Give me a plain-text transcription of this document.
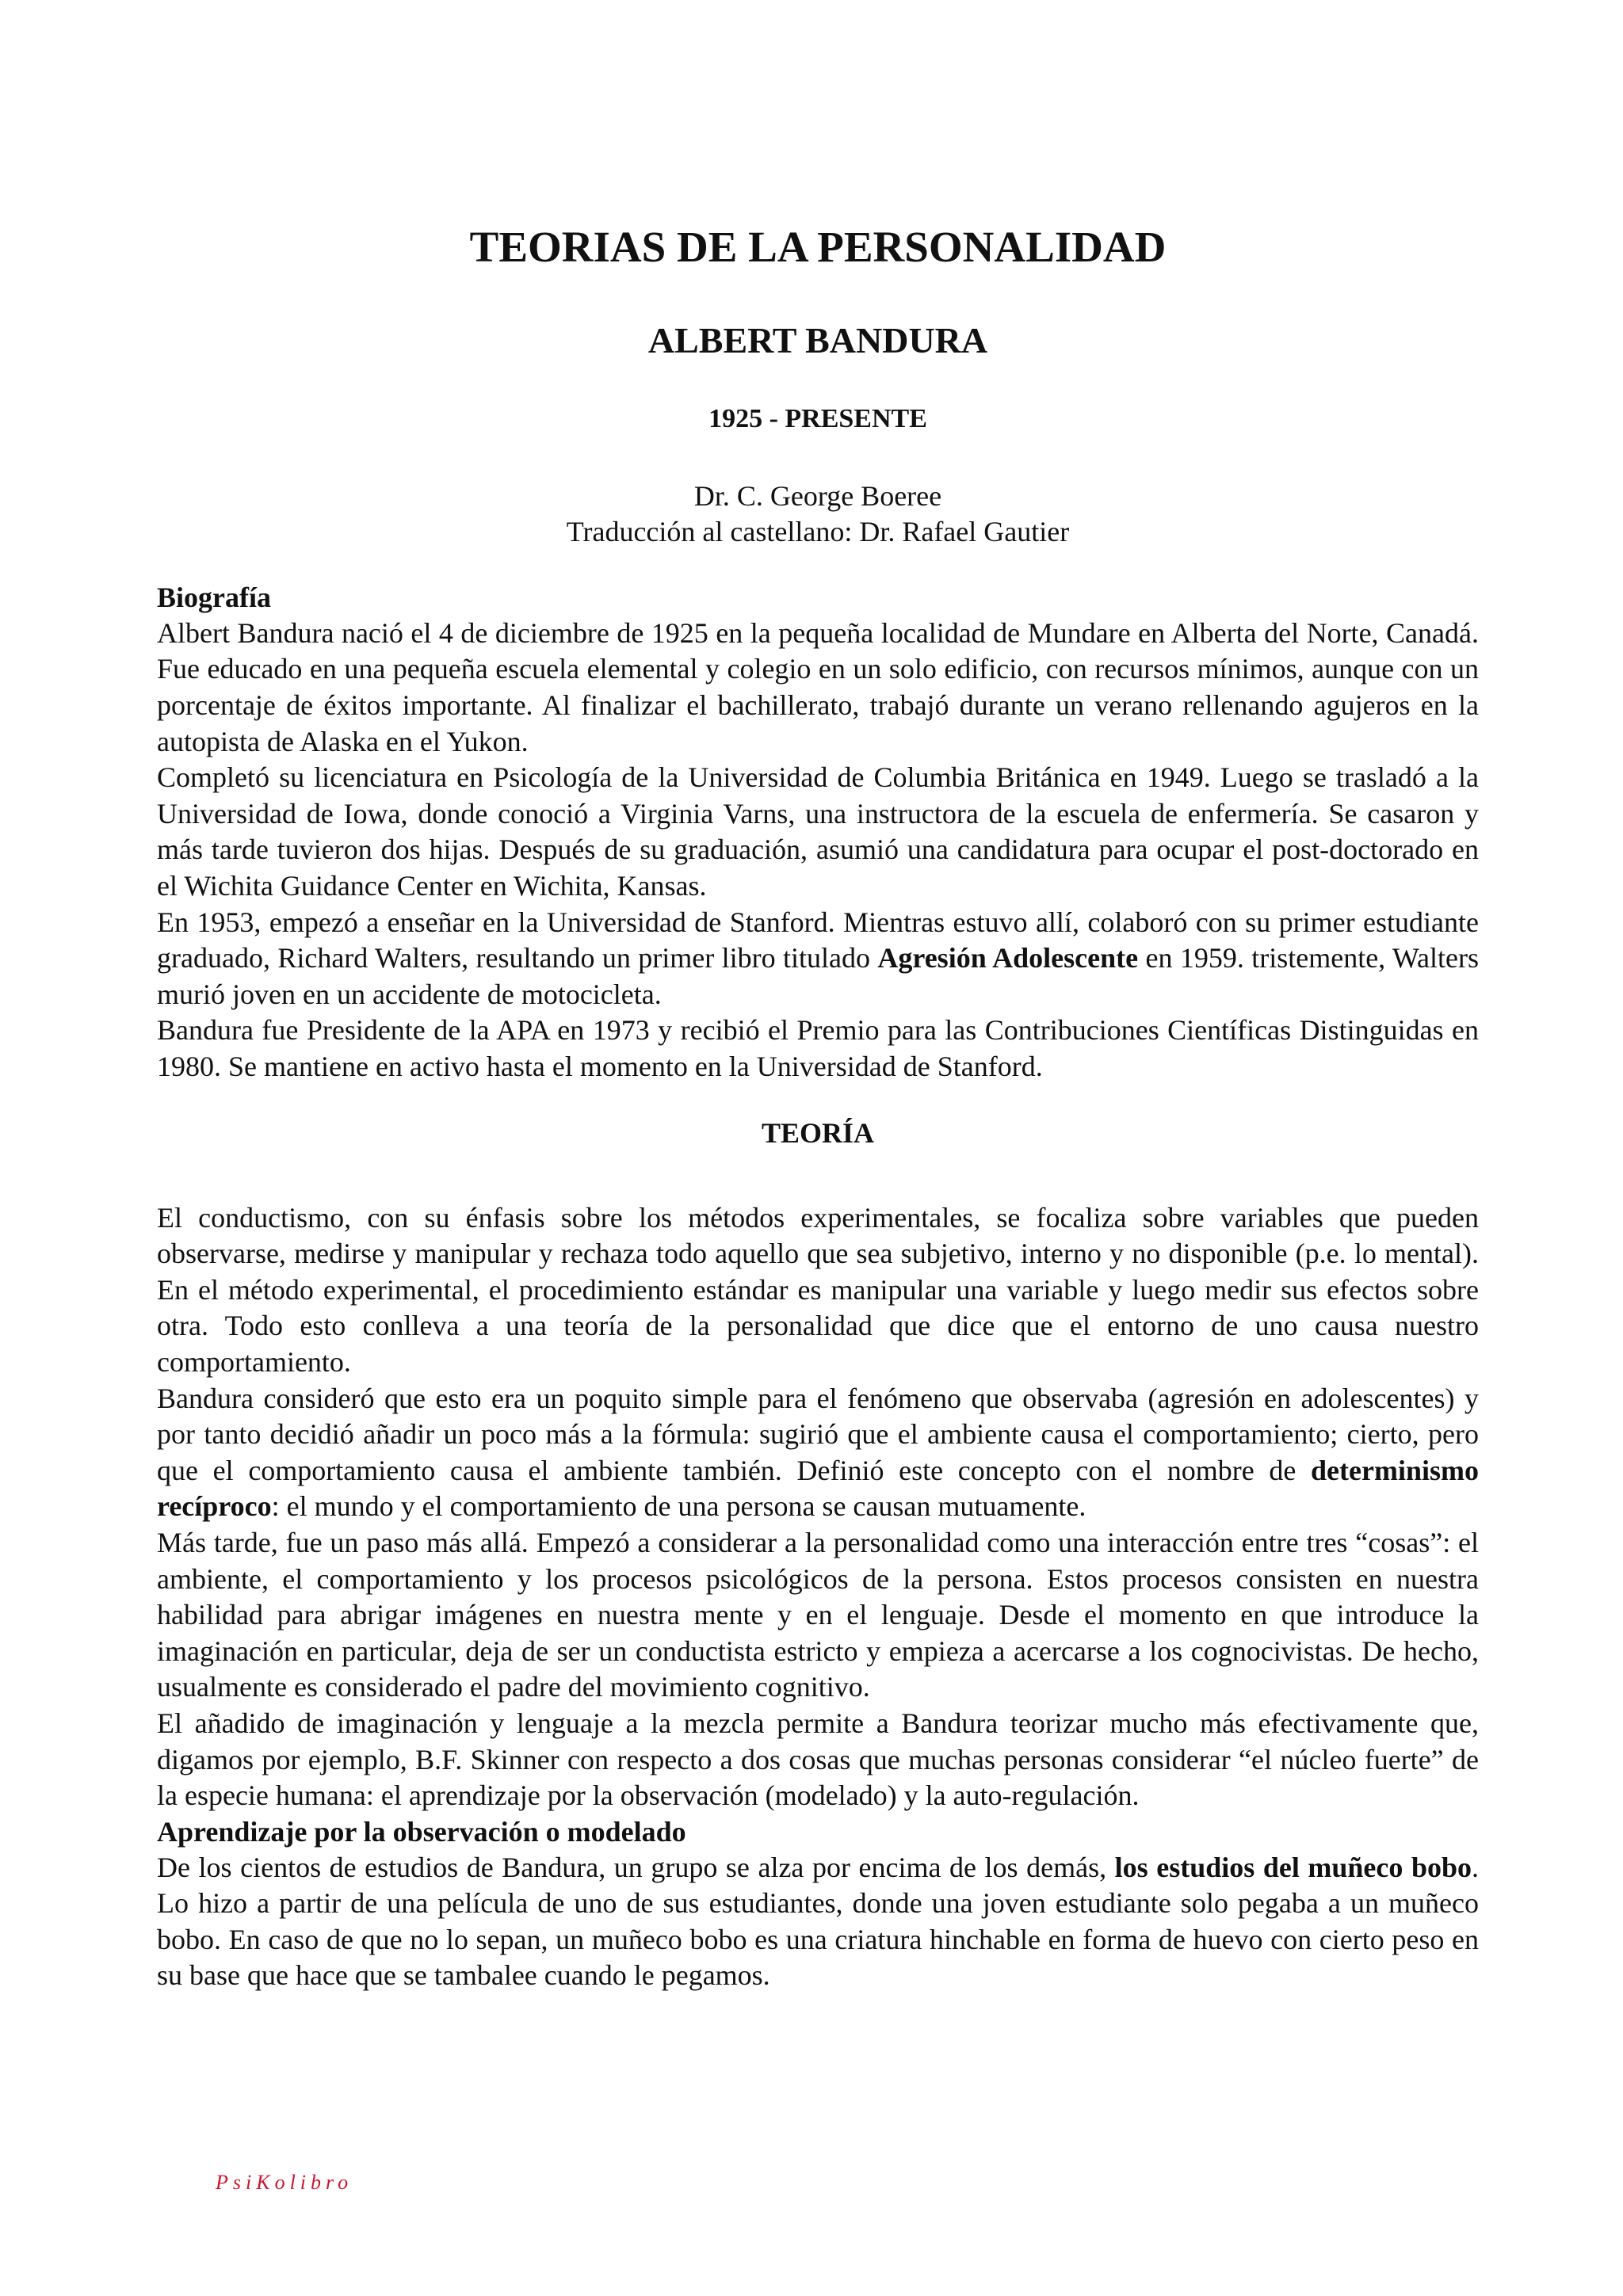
TEORIAS DE LA PERSONALIDAD
ALBERT BANDURA
1925 - PRESENTE

Dr. C. George Boeree

Traducción al castellano: Dr. Rafael Gautier

Biografía

Albert Bandura nació el 4 de diciembre de 1925 en la pequeña localidad de Mundare en Alberta del Norte, Canadá. Fue educado en una pequeña escuela elemental y colegio en un solo edificio, con recursos mínimos, aunque con un porcentaje de éxitos importante. Al finalizar el bachillerato, trabajó durante un verano rellenando agujeros en la autopista de Alaska en el Yukon.

Completó su licenciatura en Psicología de la Universidad de Columbia Británica en 1949. Luego se trasladó a la Universidad de Iowa, donde conoció a Virginia Varns, una instructora de la escuela de enfermería. Se casaron y más tarde tuvieron dos hijas. Después de su graduación, asumió una candidatura para ocupar el post-doctorado en el Wichita Guidance Center en Wichita, Kansas.

En 1953, empezó a enseñar en la Universidad de Stanford. Mientras estuvo allí, colaboró con su primer estudiante graduado, Richard Walters, resultando un primer libro titulado Agresión Adolescente en 1959. tristemente, Walters murió joven en un accidente de motocicleta.

Bandura fue Presidente de la APA en 1973 y recibió el Premio para las Contribuciones Científicas Distinguidas en 1980. Se mantiene en activo hasta el momento en la Universidad de Stanford.

TEORÍA

El conductismo, con su énfasis sobre los métodos experimentales, se focaliza sobre variables que pueden observarse, medirse y manipular y rechaza todo aquello que sea subjetivo, interno y no disponible (p.e. lo mental). En el método experimental, el procedimiento estándar es manipular una variable y luego medir sus efectos sobre otra. Todo esto conlleva a una teoría de la personalidad que dice que el entorno de uno causa nuestro comportamiento.

Bandura consideró que esto era un poquito simple para el fenómeno que observaba (agresión en adolescentes) y por tanto decidió añadir un poco más a la fórmula: sugirió que el ambiente causa el comportamiento; cierto, pero que el comportamiento causa el ambiente también. Definió este concepto con el nombre de determinismo recíproco: el mundo y el comportamiento de una persona se causan mutuamente.

Más tarde, fue un paso más allá. Empezó a considerar a la personalidad como una interacción entre tres “cosas”: el ambiente, el comportamiento y los procesos psicológicos de la persona. Estos procesos consisten en nuestra habilidad para abrigar imágenes en nuestra mente y en el lenguaje. Desde el momento en que introduce la imaginación en particular, deja de ser un conductista estricto y empieza a acercarse a los cognocivistas. De hecho, usualmente es considerado el padre del movimiento cognitivo.

El añadido de imaginación y lenguaje a la mezcla permite a Bandura teorizar mucho más efectivamente que, digamos por ejemplo, B.F. Skinner con respecto a dos cosas que muchas personas considerar “el núcleo fuerte” de la especie humana: el aprendizaje por la observación (modelado) y la auto-regulación.

Aprendizaje por la observación o modelado

De los cientos de estudios de Bandura, un grupo se alza por encima de los demás, los estudios del muñeco bobo. Lo hizo a partir de una película de uno de sus estudiantes, donde una joven estudiante solo pegaba a un muñeco bobo. En caso de que no lo sepan, un muñeco bobo es una criatura hinchable en forma de huevo con cierto peso en su base que hace que se tambalee cuando le pegamos.

PsiKolibro
